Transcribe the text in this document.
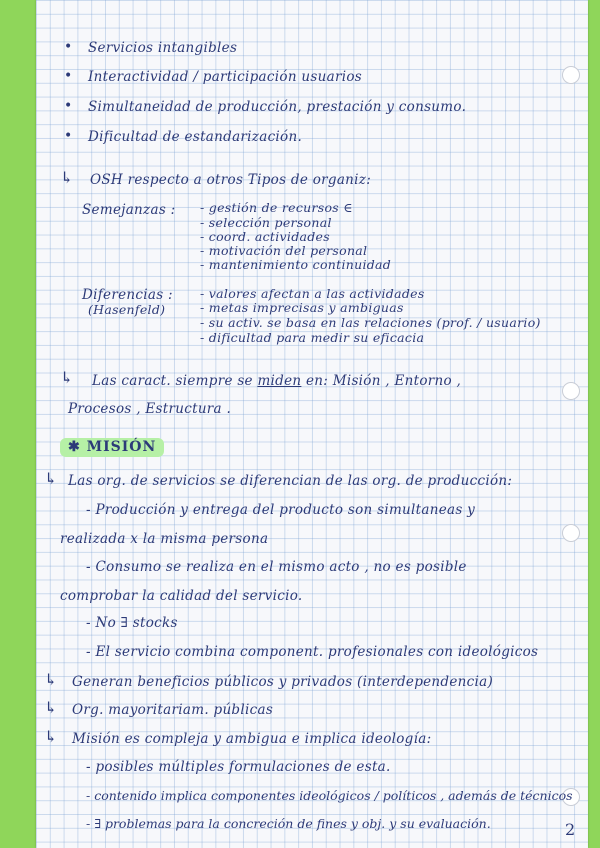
• Servicios intangibles
• Interactividad / participación usuarios
• Simultaneidad de producción, prestación y consumo.
• Dificultad de estandarización.
↳ OSH respecto a otros Tipos de organiz:
Semejanzas : - gestión de recursos ∈
- selección personal
- coord. actividades
- motivación del personal
- mantenimiento continuidad
Diferencias :
(Hasenfeld)
- valores afectan a las actividades
- metas imprecisas y ambiguas
- su activ. se basa en las relaciones (prof. / usuario)
- dificultad para medir su eficacia
↳ Las caract. siempre se miden en: Misión , Entorno ,
Procesos , Estructura .
✱ MISIÓN
↳ Las org. de servicios se diferencian de las org. de producción:
- Producción y entrega del producto son simultaneas y
realizada x la misma persona
- Consumo se realiza en el mismo acto , no es posible
comprobar la calidad del servicio.
- No ∃ stocks
- El servicio combina component. profesionales con ideológicos
↳ Generan beneficios públicos y privados (interdependencia)
↳ Org. mayoritariam. públicas
↳ Misión es compleja y ambigua e implica ideología:
- posibles múltiples formulaciones de esta.
- contenido implica componentes ideológicos / políticos , además de técnicos
- ∃ problemas para la concreción de fines y obj. y su evaluación.	2
